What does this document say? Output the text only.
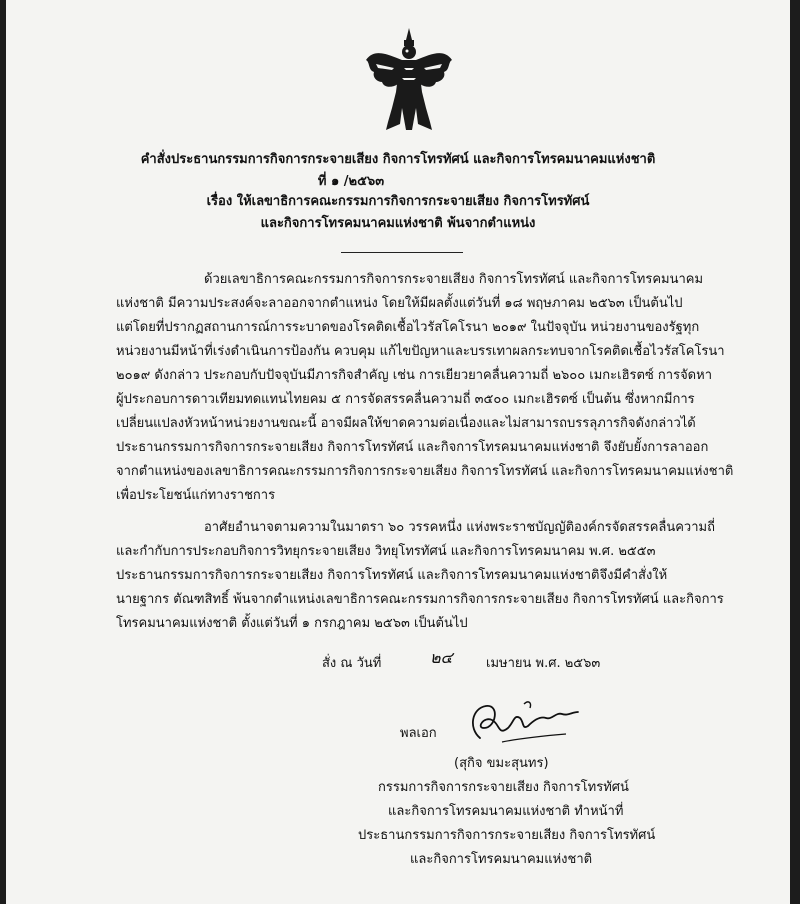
คำสั่งประธานกรรมการกิจการกระจายเสียง กิจการโทรทัศน์ และกิจการโทรคมนาคมแห่งชาติ
ที่ ๑ /๒๕๖๓
เรื่อง ให้เลขาธิการคณะกรรมการกิจการกระจายเสียง กิจการโทรทัศน์
และกิจการโทรคมนาคมแห่งชาติ พ้นจากตำแหน่ง
ด้วยเลขาธิการคณะกรรมการกิจการกระจายเสียง กิจการโทรทัศน์ และกิจการโทรคมนาคม
แห่งชาติ มีความประสงค์จะลาออกจากตำแหน่ง โดยให้มีผลตั้งแต่วันที่ ๑๘ พฤษภาคม ๒๕๖๓ เป็นต้นไป
แต่โดยที่ปรากฏสถานการณ์การระบาดของโรคติดเชื้อไวรัสโคโรนา ๒๐๑๙ ในปัจจุบัน หน่วยงานของรัฐทุก
หน่วยงานมีหน้าที่เร่งดำเนินการป้องกัน ควบคุม แก้ไขปัญหาและบรรเทาผลกระทบจากโรคติดเชื้อไวรัสโคโรนา
๒๐๑๙ ดังกล่าว ประกอบกับปัจจุบันมีภารกิจสำคัญ เช่น การเยียวยาคลื่นความถี่ ๒๖๐๐ เมกะเฮิรตซ์ การจัดหา
ผู้ประกอบการดาวเทียมทดแทนไทยคม ๕ การจัดสรรคลื่นความถี่ ๓๕๐๐ เมกะเฮิรตซ์ เป็นต้น ซึ่งหากมีการ
เปลี่ยนแปลงหัวหน้าหน่วยงานขณะนี้ อาจมีผลให้ขาดความต่อเนื่องและไม่สามารถบรรลุภารกิจดังกล่าวได้
ประธานกรรมการกิจการกระจายเสียง กิจการโทรทัศน์ และกิจการโทรคมนาคมแห่งชาติ จึงยับยั้งการลาออก
จากตำแหน่งของเลขาธิการคณะกรรมการกิจการกระจายเสียง กิจการโทรทัศน์ และกิจการโทรคมนาคมแห่งชาติ
เพื่อประโยชน์แก่ทางราชการ
อาศัยอำนาจตามความในมาตรา ๖๐ วรรคหนึ่ง แห่งพระราชบัญญัติองค์กรจัดสรรคลื่นความถี่
และกำกับการประกอบกิจการวิทยุกระจายเสียง วิทยุโทรทัศน์ และกิจการโทรคมนาคม พ.ศ. ๒๕๕๓
ประธานกรรมการกิจการกระจายเสียง กิจการโทรทัศน์ และกิจการโทรคมนาคมแห่งชาติจึงมีคำสั่งให้
นายฐากร ตัณฑสิทธิ์ พ้นจากตำแหน่งเลขาธิการคณะกรรมการกิจการกระจายเสียง กิจการโทรทัศน์ และกิจการ
โทรคมนาคมแห่งชาติ ตั้งแต่วันที่ ๑ กรกฎาคม ๒๕๖๓ เป็นต้นไป
สั่ง ณ วันที่	๒๔	เมษายน พ.ศ. ๒๕๖๓
พลเอก
(สุกิจ ขมะสุนทร)
กรรมการกิจการกระจายเสียง กิจการโทรทัศน์
และกิจการโทรคมนาคมแห่งชาติ ทำหน้าที่
ประธานกรรมการกิจการกระจายเสียง กิจการโทรทัศน์
และกิจการโทรคมนาคมแห่งชาติ
